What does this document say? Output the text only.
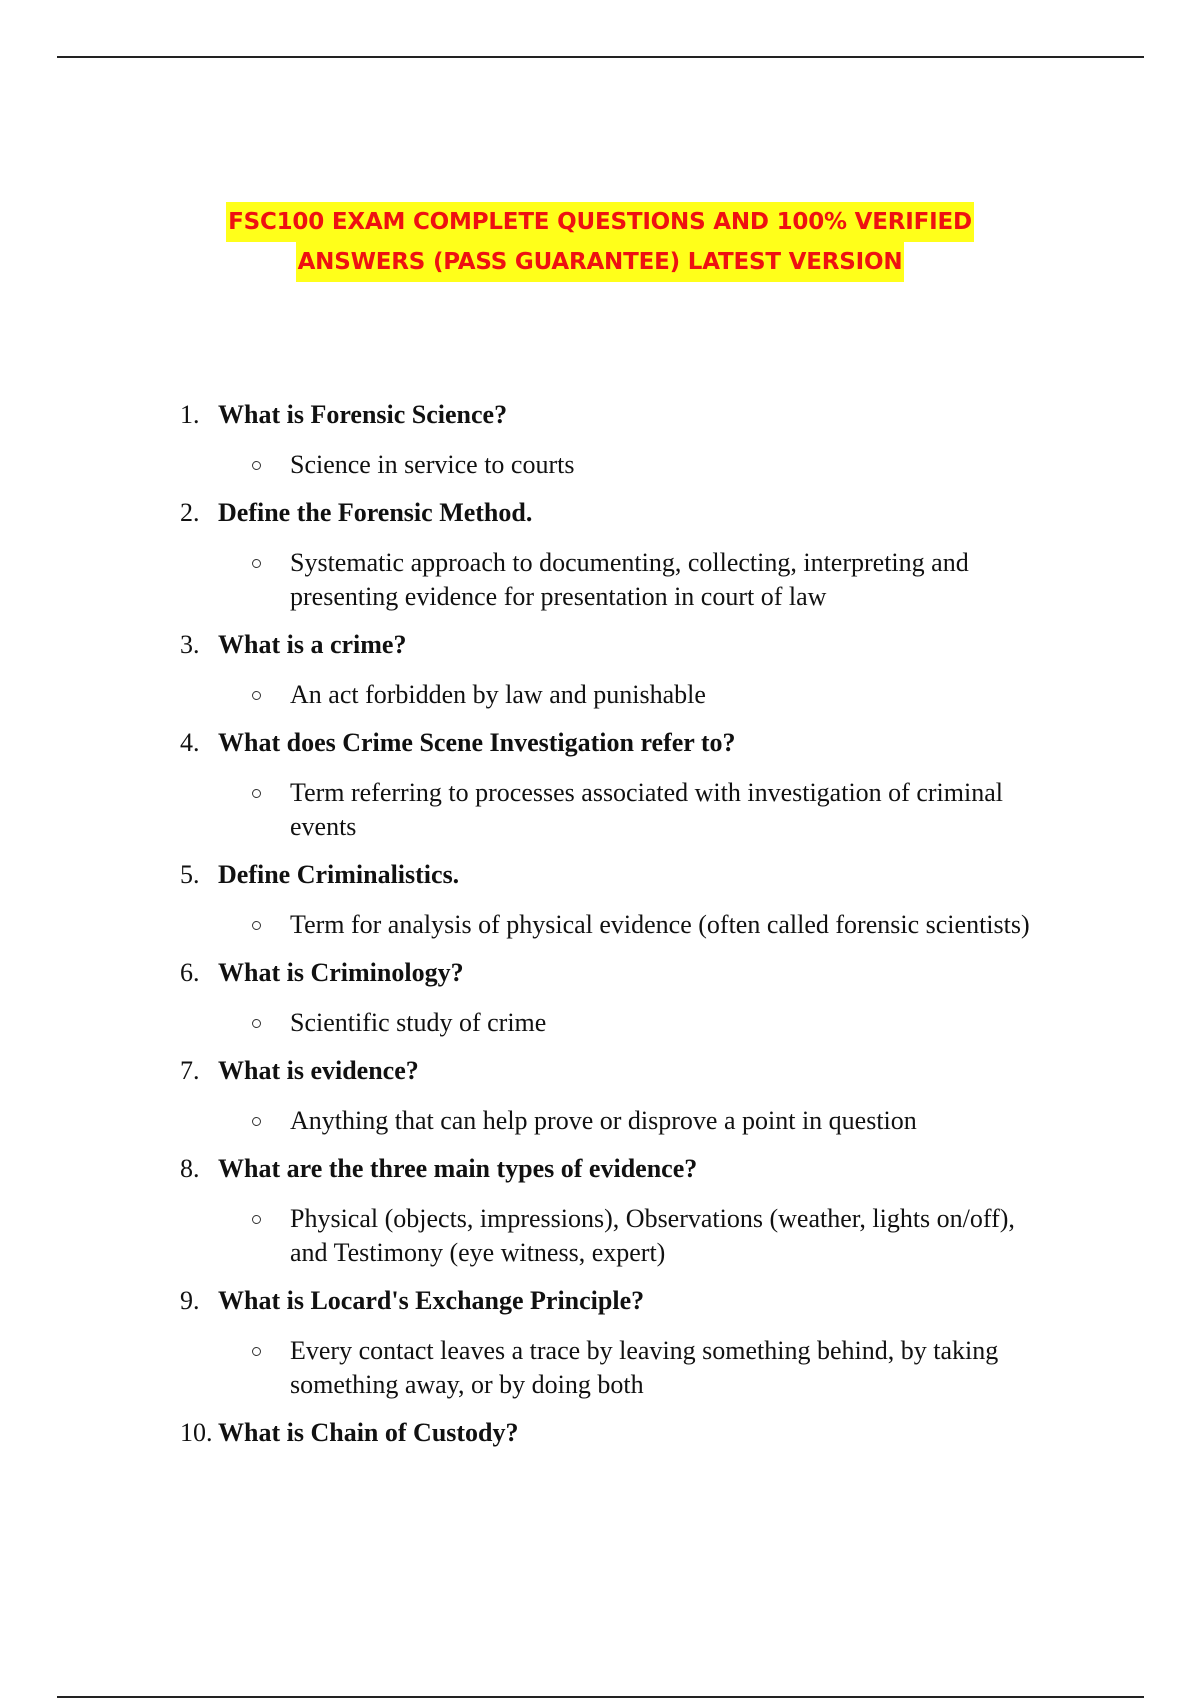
FSC100 EXAM COMPLETE QUESTIONS AND 100% VERIFIED
ANSWERS (PASS GUARANTEE) LATEST VERSION
1. What is Forensic Science?
Science in service to courts
2. Define the Forensic Method.
Systematic approach to documenting, collecting, interpreting and presenting evidence for presentation in court of law
3. What is a crime?
An act forbidden by law and punishable
4. What does Crime Scene Investigation refer to?
Term referring to processes associated with investigation of criminal events
5. Define Criminalistics.
Term for analysis of physical evidence (often called forensic scientists)
6. What is Criminology?
Scientific study of crime
7. What is evidence?
Anything that can help prove or disprove a point in question
8. What are the three main types of evidence?
Physical (objects, impressions), Observations (weather, lights on/off), and Testimony (eye witness, expert)
9. What is Locard's Exchange Principle?
Every contact leaves a trace by leaving something behind, by taking something away, or by doing both
10. What is Chain of Custody?
